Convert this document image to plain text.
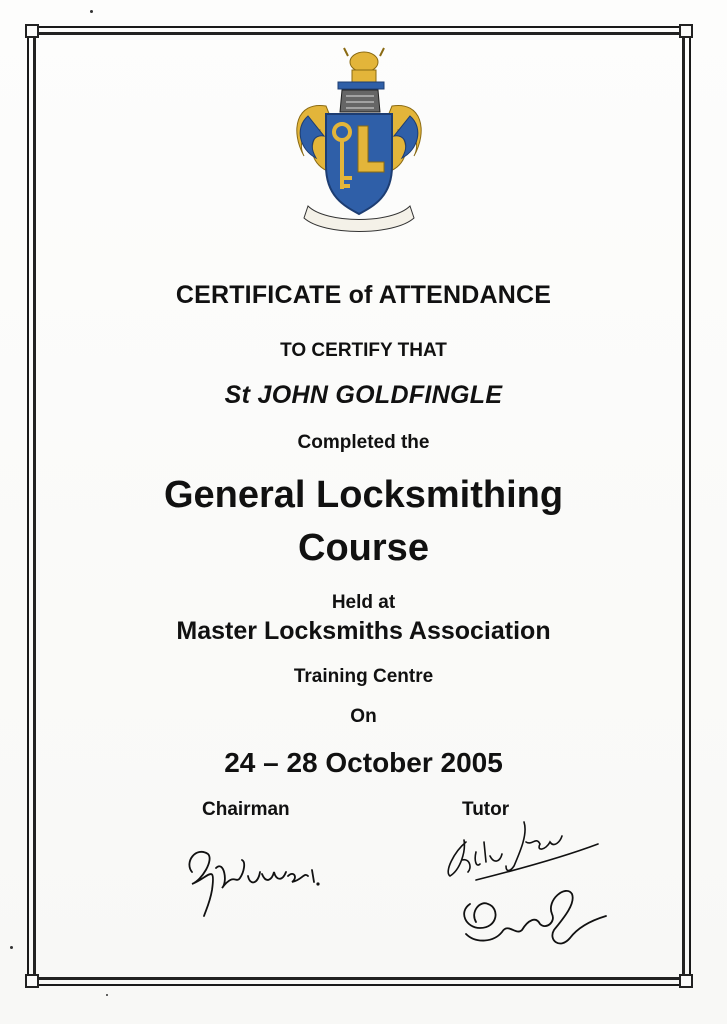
CERTIFICATE of ATTENDANCE
TO CERTIFY THAT
St JOHN GOLDFINGLE
Completed the
General Locksmithing
Course
Held at
Master Locksmiths Association
Training Centre
On
24 – 28 October 2005
Chairman	Tutor
